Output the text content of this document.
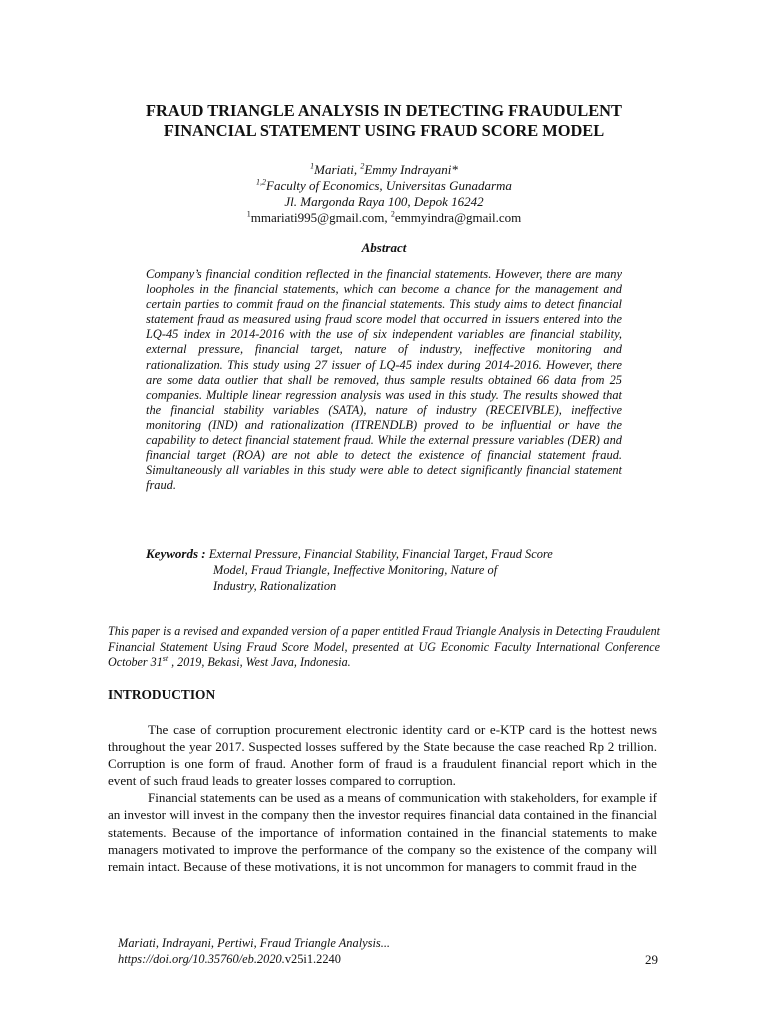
FRAUD TRIANGLE ANALYSIS IN DETECTING FRAUDULENT
FINANCIAL STATEMENT USING FRAUD SCORE MODEL
$^1$Mariati, $^2$Emmy Indrayani*
$^{1,2}$Faculty of Economics, Universitas Gunadarma
Jl. Margonda Raya 100, Depok 16242
$^1$mmariati995@gmail.com, $^2$emmyindra@gmail.com
Abstract
Company’s financial condition reflected in the financial statements. However, there are many loopholes in the financial statements, which can become a chance for the management and certain parties to commit fraud on the financial statements. This study aims to detect financial statement fraud as measured using fraud score model that occurred in issuers entered into the LQ-45 index in 2014-2016 with the use of six independent variables are financial stability, external pressure, financial target, nature of industry, ineffective monitoring and rationalization. This study using 27 issuer of LQ-45 index during 2014-2016. However, there are some data outlier that shall be removed, thus sample results obtained 66 data from 25 companies. Multiple linear regression analysis was used in this study. The results showed that the financial stability variables (SATA), nature of industry (RECEIVBLE), ineffective monitoring (IND) and rationalization (ITRENDLB) proved to be influential or have the capability to detect financial statement fraud. While the external pressure variables (DER) and financial target (ROA) are not able to detect the existence of financial statement fraud. Simultaneously all variables in this study were able to detect significantly financial statement fraud.
Keywords : External Pressure, Financial Stability, Financial Target, Fraud Score
Model, Fraud Triangle, Ineffective Monitoring, Nature of
Industry, Rationalization
This paper is a revised and expanded version of a paper entitled Fraud Triangle Analysis in Detecting Fraudulent Financial Statement Using Fraud Score Model, presented at UG Economic Faculty International Conference October 31st , 2019, Bekasi, West Java, Indonesia.
INTRODUCTION

The case of corruption procurement electronic identity card or e-KTP card is the hottest news throughout the year 2017. Suspected losses suffered by the State because the case reached Rp 2 trillion. Corruption is one form of fraud. Another form of fraud is a fraudulent financial report which in the event of such fraud leads to greater losses compared to corruption.

Financial statements can be used as a means of communication with stakeholders, for example if an investor will invest in the company then the investor requires financial data contained in the financial statements. Because of the importance of information contained in the financial statements to make managers motivated to improve the performance of the company so the existence of the company will remain intact. Because of these motivations, it is not uncommon for managers to commit fraud in the

Mariati, Indrayani, Pertiwi, Fraud Triangle Analysis...
https://doi.org/10.35760/eb.2020.v25i1.2240	29
